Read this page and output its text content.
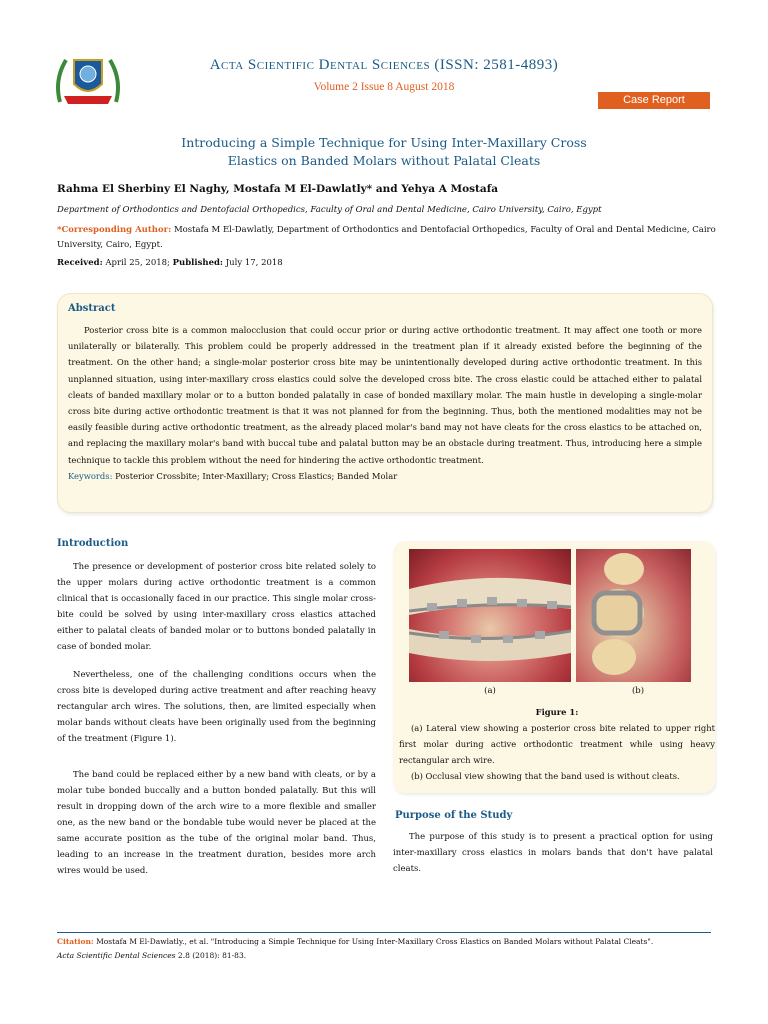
Acta Scientific Dental Sciences (ISSN: 2581-4893)
Volume 2 Issue 8 August 2018
Case Report
Introducing a Simple Technique for Using Inter-Maxillary Cross
Elastics on Banded Molars without Palatal Cleats
Rahma El Sherbiny El Naghy, Mostafa M El-Dawlatly* and Yehya A Mostafa
Department of Orthodontics and Dentofacial Orthopedics, Faculty of Oral and Dental Medicine, Cairo University, Cairo, Egypt
*Corresponding Author: Mostafa M El-Dawlatly, Department of Orthodontics and Dentofacial Orthopedics, Faculty of Oral and Dental Medicine, Cairo University, Cairo, Egypt.
Received: April 25, 2018; Published: July 17, 2018
Abstract

Posterior cross bite is a common malocclusion that could occur prior or during active orthodontic treatment. It may affect one tooth or more unilaterally or bilaterally. This problem could be properly addressed in the treatment plan if it already existed before the beginning of the treatment. On the other hand; a single-molar posterior cross bite may be unintentionally developed during active orthodontic treatment. In this unplanned situation, using inter-maxillary cross elastics could solve the developed cross bite. The cross elastic could be attached either to palatal cleats of banded maxillary molar or to a button bonded palatally in case of bonded maxillary molar. The main hustle in developing a single-molar cross bite during active orthodontic treatment is that it was not planned for from the beginning. Thus, both the mentioned modalities may not be easily feasible during active orthodontic treatment, as the already placed molar's band may not have cleats for the cross elastics to be attached on, and replacing the maxillary molar's band with buccal tube and palatal button may be an obstacle during treatment. Thus, introducing here a simple technique to tackle this problem without the need for hindering the active orthodontic treatment.

Keywords: Posterior Crossbite; Inter-Maxillary; Cross Elastics; Banded Molar
Introduction

The presence or development of posterior cross bite related solely to the upper molars during active orthodontic treatment is a common clinical that is occasionally faced in our practice. This single molar cross-bite could be solved by using inter-maxillary cross elastics attached either to palatal cleats of banded molar or to buttons bonded palatally in case of bonded molar.

Nevertheless, one of the challenging conditions occurs when the cross bite is developed during active treatment and after reaching heavy rectangular arch wires. The solutions, then, are limited especially when molar bands without cleats have been originally used from the beginning of the treatment (Figure 1).

The band could be replaced either by a new band with cleats, or by a molar tube bonded buccally and a button bonded palatally. But this will result in dropping down of the arch wire to a more flexible and smaller one, as the new band or the bondable tube would never be placed at the same accurate position as the tube of the original molar band. Thus, leading to an increase in the treatment duration, besides more arch wires would be used.

(a)	(b)

Figure 1:

(a) Lateral view showing a posterior cross bite related to upper right first molar during active orthodontic treatment while using heavy rectangular arch wire.

(b) Occlusal view showing that the band used is without cleats.

Purpose of the Study

The purpose of this study is to present a practical option for using inter-maxillary cross elastics in molars bands that don't have palatal cleats.

Citation: Mostafa M El-Dawlatly., et al. "Introducing a Simple Technique for Using Inter-Maxillary Cross Elastics on Banded Molars without Palatal Cleats".
Acta Scientific Dental Sciences 2.8 (2018): 81-83.
